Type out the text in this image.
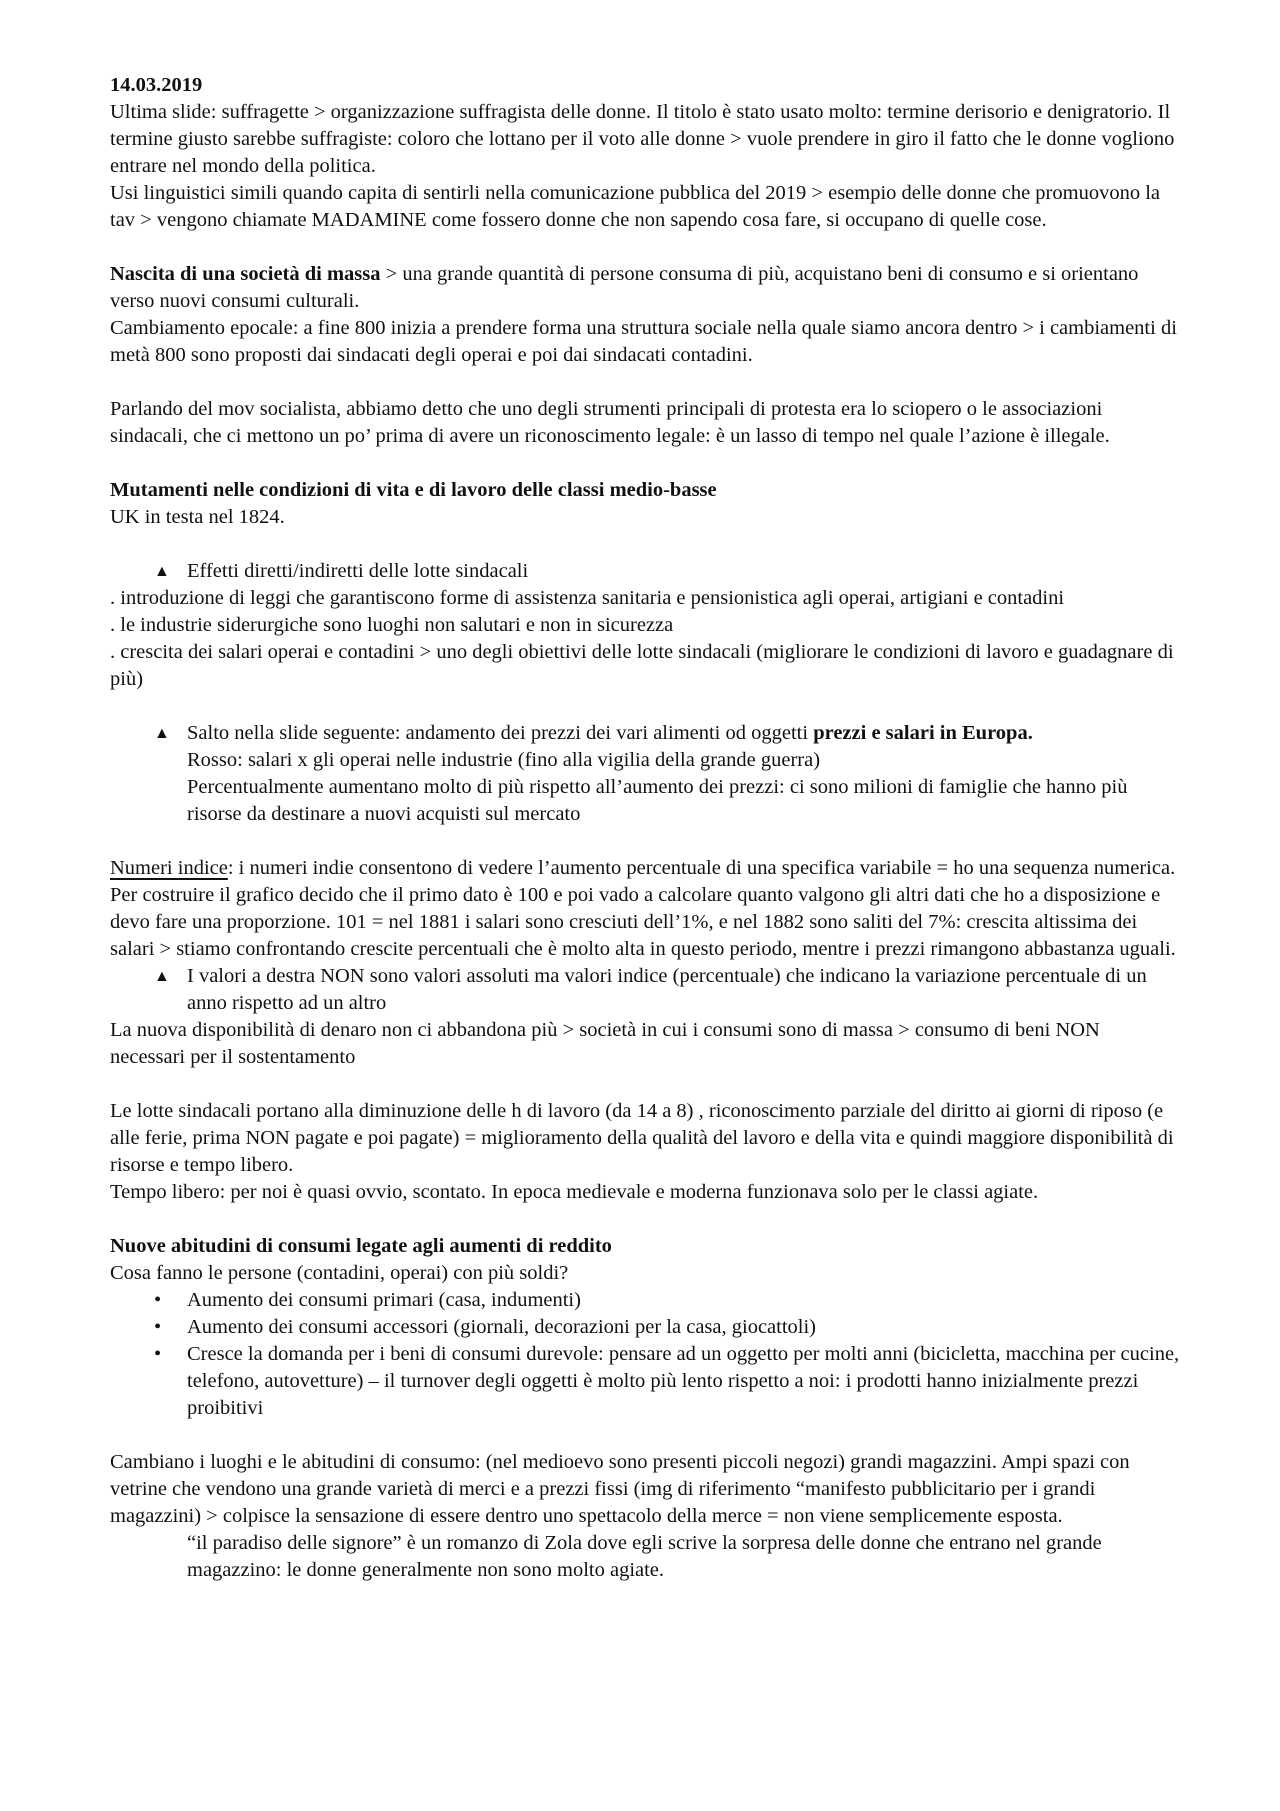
14.03.2019

Ultima slide: suffragette > organizzazione suffragista delle donne. Il titolo è stato usato molto: termine derisorio e denigratorio. Il termine giusto sarebbe suffragiste: coloro che lottano per il voto alle donne > vuole prendere in giro il fatto che le donne vogliono entrare nel mondo della politica.

Usi linguistici simili quando capita di sentirli nella comunicazione pubblica del 2019 > esempio delle donne che promuovono la tav > vengono chiamate MADAMINE come fossero donne che non sapendo cosa fare, si occupano di quelle cose.

Nascita di una società di massa > una grande quantità di persone consuma di più, acquistano beni di consumo e si orientano verso nuovi consumi culturali.

Cambiamento epocale: a fine 800 inizia a prendere forma una struttura sociale nella quale siamo ancora dentro > i cambiamenti di metà 800 sono proposti dai sindacati degli operai e poi dai sindacati contadini.

Parlando del mov socialista, abbiamo detto che uno degli strumenti principali di protesta era lo sciopero o le associazioni sindacali, che ci mettono un po’ prima di avere un riconoscimento legale: è un lasso di tempo nel quale l’azione è illegale.

Mutamenti nelle condizioni di vita e di lavoro delle classi medio-basse

UK in testa nel 1824.

▲ Effetti diretti/indiretti delle lotte sindacali

. introduzione di leggi che garantiscono forme di assistenza sanitaria e pensionistica agli operai, artigiani e contadini

. le industrie siderurgiche sono luoghi non salutari e non in sicurezza

. crescita dei salari operai e contadini > uno degli obiettivi delle lotte sindacali (migliorare le condizioni di lavoro e guadagnare di più)

▲ Salto nella slide seguente: andamento dei prezzi dei vari alimenti od oggetti prezzi e salari in Europa.

Rosso: salari x gli operai nelle industrie (fino alla vigilia della grande guerra)

Percentualmente aumentano molto di più rispetto all’aumento dei prezzi: ci sono milioni di famiglie che hanno più risorse da destinare a nuovi acquisti sul mercato

Numeri indice: i numeri indie consentono di vedere l’aumento percentuale di una specifica variabile = ho una sequenza numerica.

Per costruire il grafico decido che il primo dato è 100 e poi vado a calcolare quanto valgono gli altri dati che ho a disposizione e devo fare una proporzione. 101 = nel 1881 i salari sono cresciuti dell’1%, e nel 1882 sono saliti del 7%: crescita altissima dei salari > stiamo confrontando crescite percentuali che è molto alta in questo periodo, mentre i prezzi rimangono abbastanza uguali.

▲ I valori a destra NON sono valori assoluti ma valori indice (percentuale) che indicano la variazione percentuale di un anno rispetto ad un altro

La nuova disponibilità di denaro non ci abbandona più > società in cui i consumi sono di massa > consumo di beni NON necessari per il sostentamento

Le lotte sindacali portano alla diminuzione delle h di lavoro (da 14 a 8) , riconoscimento parziale del diritto ai giorni di riposo (e alle ferie, prima NON pagate e poi pagate) = miglioramento della qualità del lavoro e della vita e quindi maggiore disponibilità di risorse e tempo libero.

Tempo libero: per noi è quasi ovvio, scontato. In epoca medievale e moderna funzionava solo per le classi agiate.

Nuove abitudini di consumi legate agli aumenti di reddito

Cosa fanno le persone (contadini, operai) con più soldi?

• Aumento dei consumi primari (casa, indumenti)
• Aumento dei consumi accessori (giornali, decorazioni per la casa, giocattoli)
• Cresce la domanda per i beni di consumi durevole: pensare ad un oggetto per molti anni (bicicletta, macchina per cucine, telefono, autovetture) – il turnover degli oggetti è molto più lento rispetto a noi: i prodotti hanno inizialmente prezzi proibitivi

Cambiano i luoghi e le abitudini di consumo: (nel medioevo sono presenti piccoli negozi) grandi magazzini. Ampi spazi con vetrine che vendono una grande varietà di merci e a prezzi fissi (img di riferimento “manifesto pubblicitario per i grandi magazzini) > colpisce la sensazione di essere dentro uno spettacolo della merce = non viene semplicemente esposta.

“il paradiso delle signore” è un romanzo di Zola dove egli scrive la sorpresa delle donne che entrano nel grande magazzino: le donne generalmente non sono molto agiate.
